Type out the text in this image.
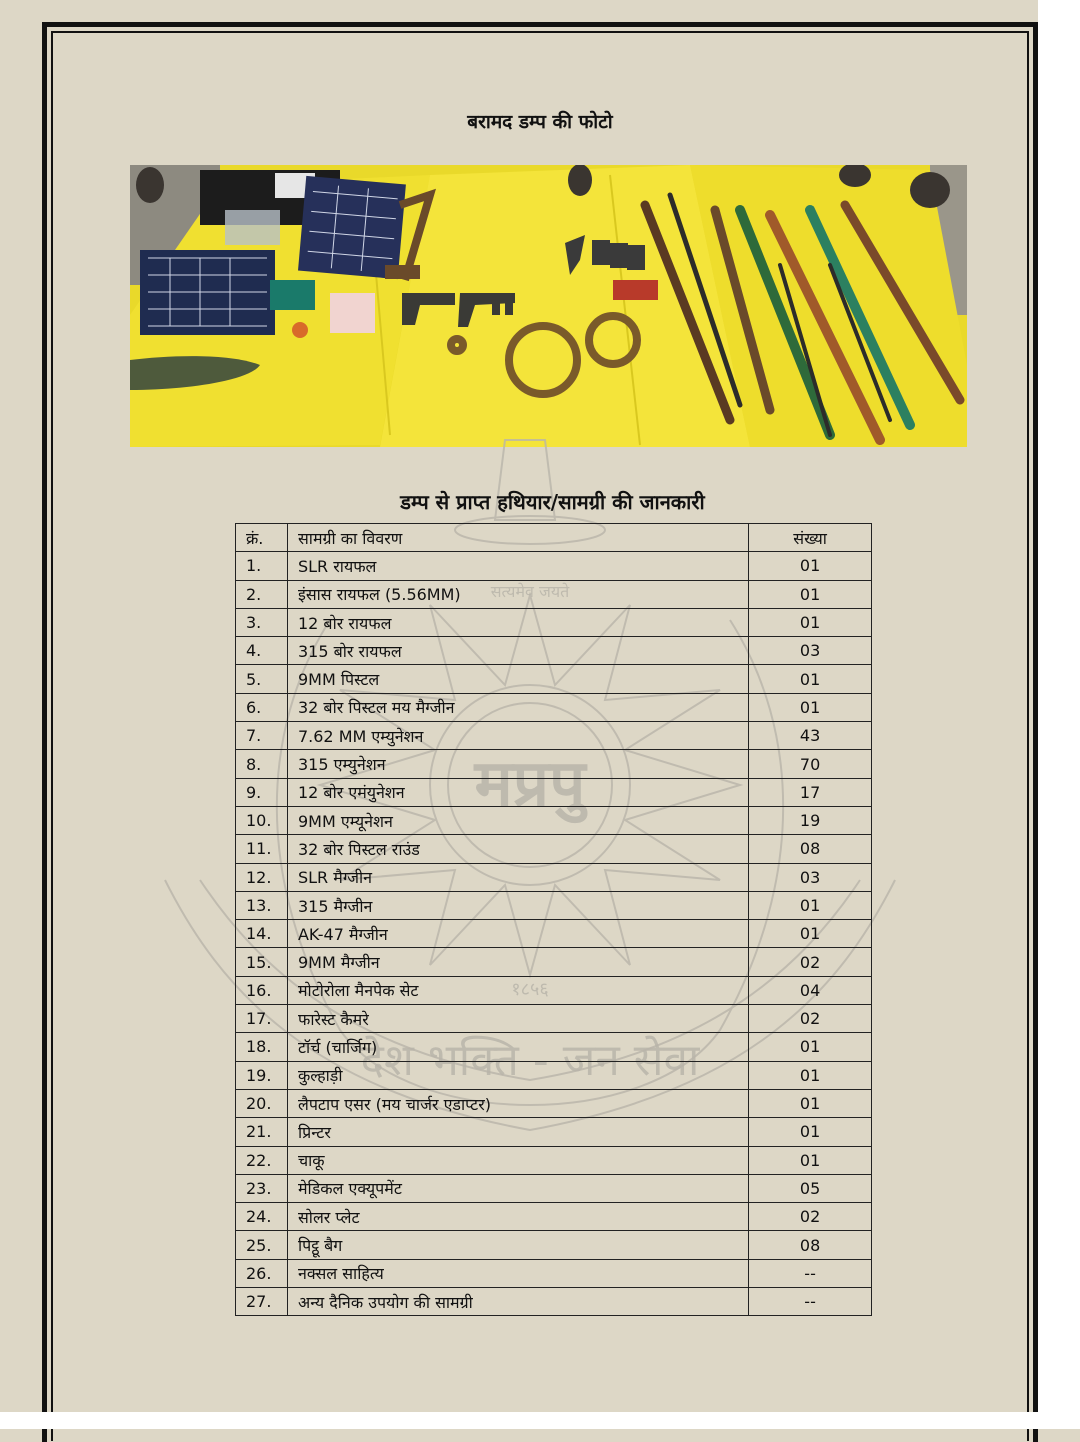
बरामद डम्प की फोटो
सत्यमेव जयते
मप्रपु
१८५६
देश भक्ति - जन सेवा
डम्प से प्राप्त हथियार/सामग्री की जानकारी
क्रं.	सामग्री का विवरण	संख्या
1.	SLR रायफल	01
2.	इंसास रायफल (5.56MM)	01
3.	12 बोर रायफल	01
4.	315 बोर रायफल	03
5.	9MM पिस्टल	01
6.	32 बोर पिस्टल मय मैग्जीन	01
7.	7.62 MM एम्युनेशन	43
8.	315 एम्युनेशन	70
9.	12 बोर एमंयुनेशन	17
10.	9MM एम्यूनेशन	19
11.	32 बोर पिस्टल राउंड	08
12.	SLR मैग्जीन	03
13.	315 मैग्जीन	01
14.	AK-47 मैग्जीन	01
15.	9MM मैग्जीन	02
16.	मोटोरोला मैनपेक सेट	04
17.	फारेस्ट कैमरे	02
18.	टॉर्च (चार्जिग)	01
19.	कुल्हाड़ी	01
20.	लैपटाप एसर (मय चार्जर एडाप्टर)	01
21.	प्रिन्टर	01
22.	चाकू	01
23.	मेडिकल एक्यूपमेंट	05
24.	सोलर प्लेट	02
25.	पिट्ठू बैग	08
26.	नक्सल साहित्य	--
27.	अन्य दैनिक उपयोग की सामग्री	--
